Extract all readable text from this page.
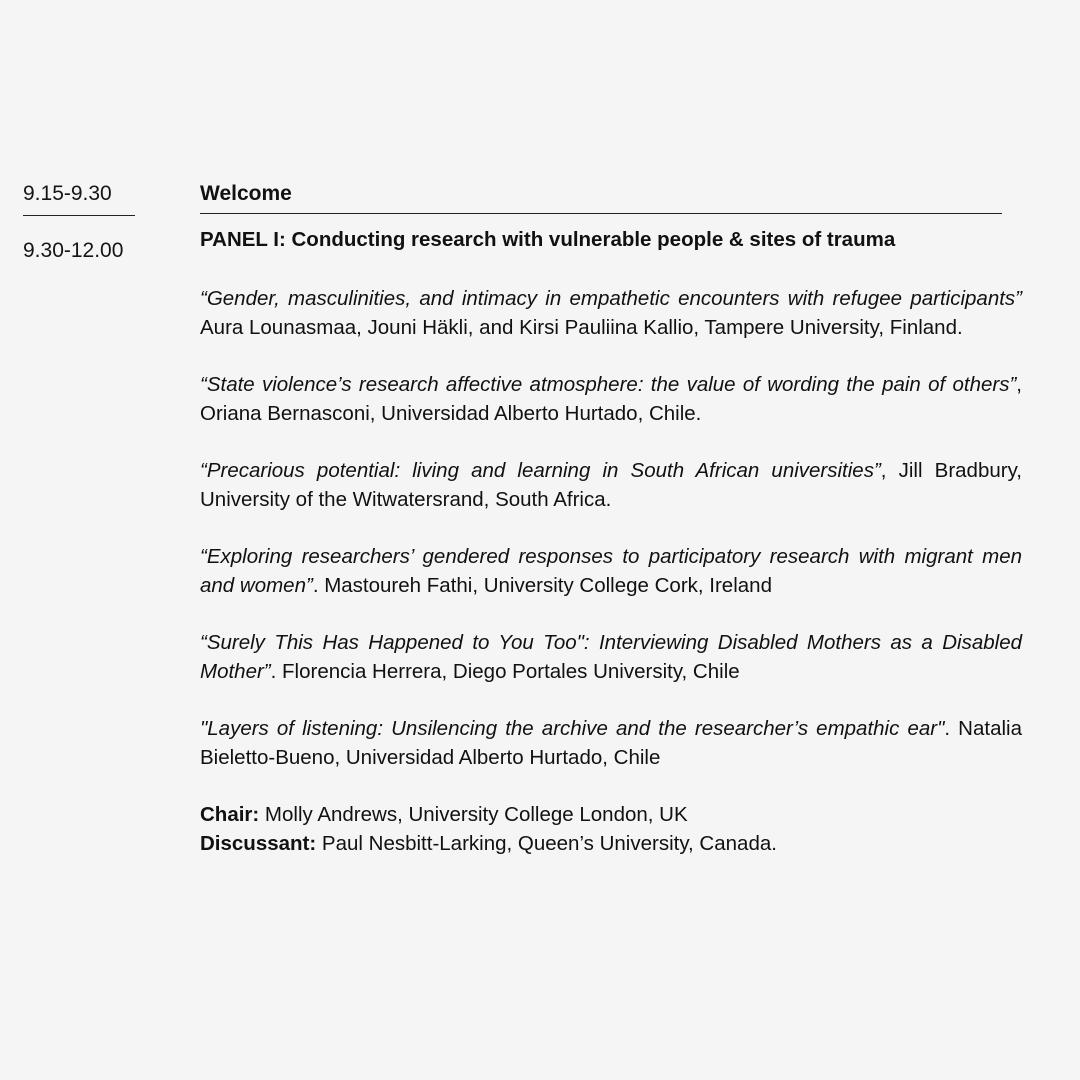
9.15-9.30
9.30-12.00
Welcome
PANEL I: Conducting research with vulnerable people & sites of trauma

“Gender, masculinities, and intimacy in empathetic encounters with refugee participants” Aura Lounasmaa, Jouni Häkli, and Kirsi Pauliina Kallio, Tampere University, Finland.

“State violence’s research affective atmosphere: the value of wording the pain of others”, Oriana Bernasconi, Universidad Alberto Hurtado, Chile.

“Precarious potential: living and learning in South African universities”, Jill Bradbury, University of the Witwatersrand, South Africa.

“Exploring researchers’ gendered responses to participatory research with migrant men and women”. Mastoureh Fathi, University College Cork, Ireland

“Surely This Has Happened to You Too": Interviewing Disabled Mothers as a Disabled Mother”. Florencia Herrera, Diego Portales University, Chile

"Layers of listening: Unsilencing the archive and the researcher’s empathic ear". Natalia Bieletto-Bueno, Universidad Alberto Hurtado, Chile

Chair: Molly Andrews, University College London, UK

Discussant: Paul Nesbitt-Larking, Queen’s University, Canada.
